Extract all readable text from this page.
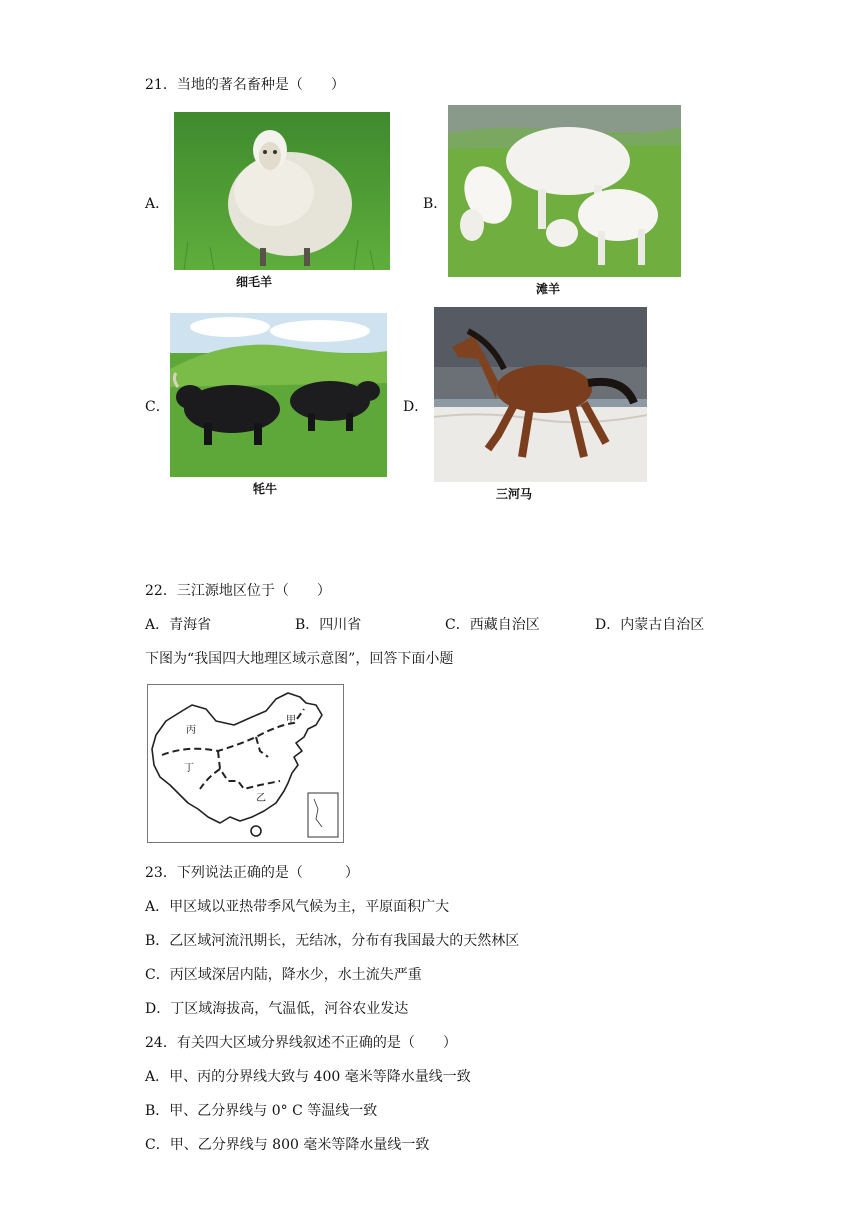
21．当地的著名畜种是（　　）
A．
细毛羊
B．
滩羊
C．
牦牛
D．
三河马
22．三江源地区位于（　　）
A．青海省	B．四川省	C．西藏自治区	D．内蒙古自治区
下图为“我国四大地理区域示意图”，回答下面小题
甲
乙
丙
丁
23．下列说法正确的是（　　　）
A．甲区域以亚热带季风气候为主，平原面积广大
B．乙区域河流汛期长，无结冰，分布有我国最大的天然林区
C．丙区域深居内陆，降水少，水土流失严重
D．丁区域海拔高，气温低，河谷农业发达
24．有关四大区域分界线叙述不正确的是（　　）
A．甲、丙的分界线大致与 400 毫米等降水量线一致
B．甲、乙分界线与 0° C 等温线一致
C．甲、乙分界线与 800 毫米等降水量线一致
